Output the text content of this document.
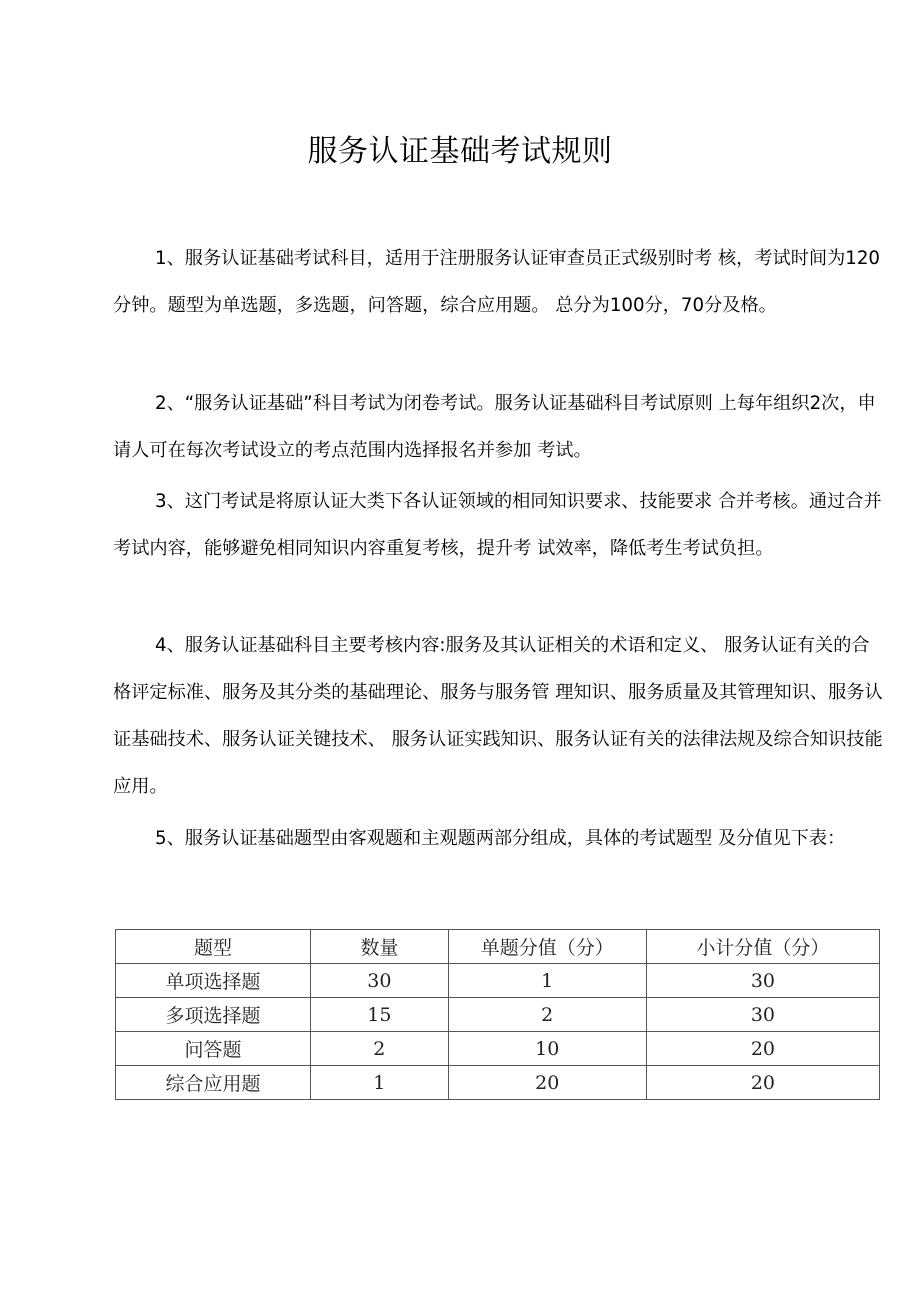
服务认证基础考试规则

1、服务认证基础考试科目，适用于注册服务认证审查员正式级别时考 核，考试时间为120分钟。题型为单选题，多选题，问答题，综合应用题。 总分为100分，70分及格。

2、“服务认证基础”科目考试为闭卷考试。服务认证基础科目考试原则 上每年组织2次，申请人可在每次考试设立的考点范围内选择报名并参加 考试。

3、这门考试是将原认证大类下各认证领域的相同知识要求、技能要求 合并考核。通过合并考试内容，能够避免相同知识内容重复考核，提升考 试效率，降低考生考试负担。

4、服务认证基础科目主要考核内容:服务及其认证相关的术语和定义、 服务认证有关的合格评定标准、服务及其分类的基础理论、服务与服务管 理知识、服务质量及其管理知识、服务认证基础技术、服务认证关键技术、 服务认证实践知识、服务认证有关的法律法规及综合知识技能应用。

5、服务认证基础题型由客观题和主观题两部分组成，具体的考试题型 及分值见下表：

题型	数量	单题分值（分）	小计分值（分）
单项选择题	30	1	30
多项选择题	15	2	30
问答题	2	10	20
综合应用题	1	20	20
